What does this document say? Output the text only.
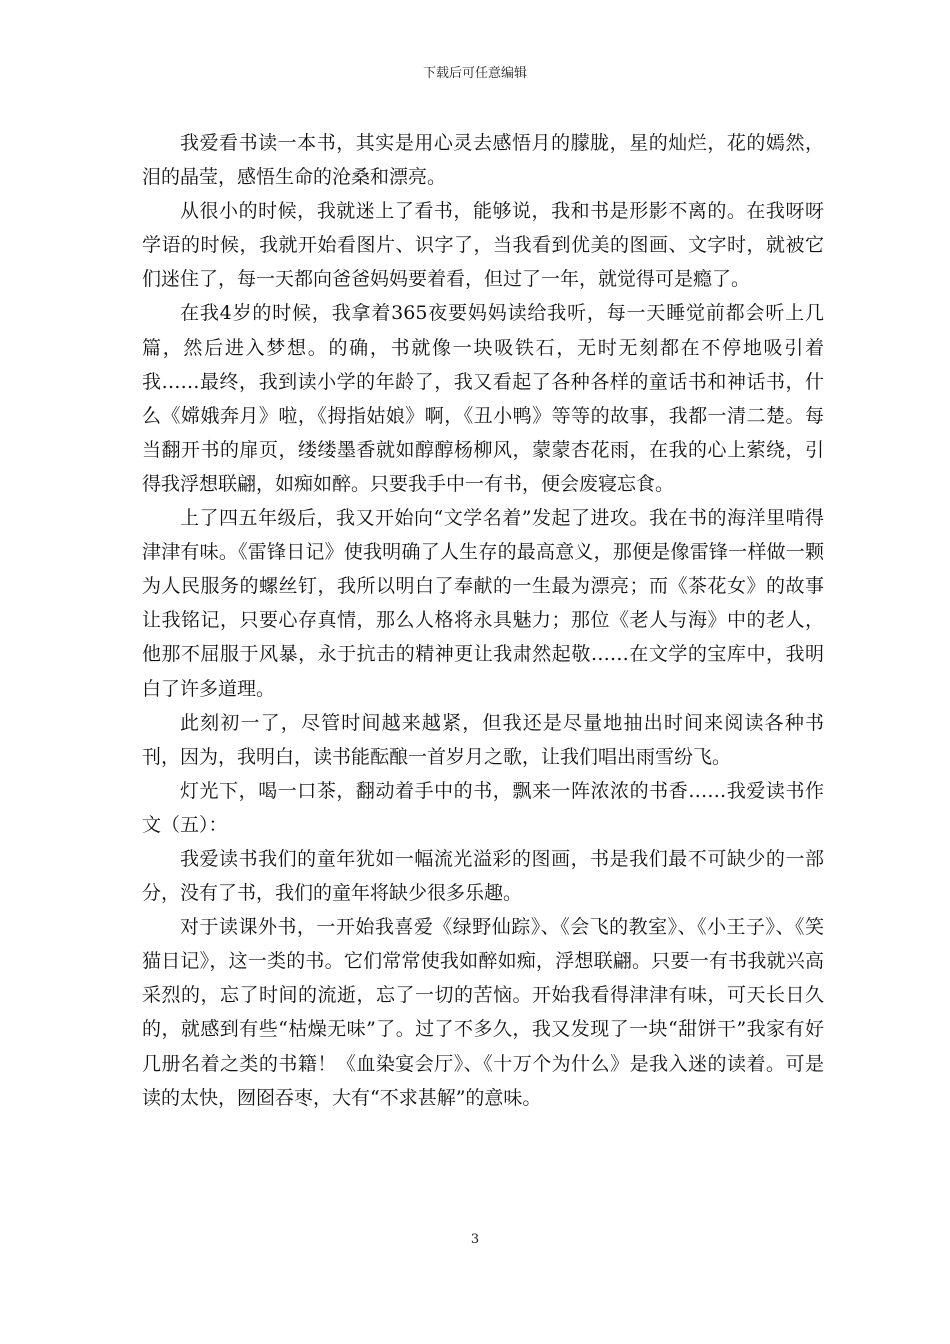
下载后可任意编辑

我爱看书读一本书，其实是用心灵去感悟月的朦胧，星的灿烂，花的嫣然，泪的晶莹，感悟生命的沧桑和漂亮。

从很小的时候，我就迷上了看书，能够说，我和书是形影不离的。在我呀呀学语的时候，我就开始看图片、识字了，当我看到优美的图画、文字时，就被它们迷住了，每一天都向爸爸妈妈要着看，但过了一年，就觉得可是瘾了。

在我4岁的时候，我拿着365夜要妈妈读给我听，每一天睡觉前都会听上几篇，然后进入梦想。的确，书就像一块吸铁石，无时无刻都在不停地吸引着我……最终，我到读小学的年龄了，我又看起了各种各样的童话书和神话书，什么《嫦娥奔月》啦，《拇指姑娘》啊，《丑小鸭》等等的故事，我都一清二楚。每当翻开书的扉页，缕缕墨香就如醇醇杨柳风，蒙蒙杏花雨，在我的心上萦绕，引得我浮想联翩，如痴如醉。只要我手中一有书，便会废寝忘食。

上了四五年级后，我又开始向“文学名着”发起了进攻。我在书的海洋里啃得津津有味。《雷锋日记》使我明确了人生存的最高意义，那便是像雷锋一样做一颗为人民服务的螺丝钉，我所以明白了奉献的一生最为漂亮；而《茶花女》的故事让我铭记，只要心存真情，那么人格将永具魅力；那位《老人与海》中的老人，他那不屈服于风暴，永于抗击的精神更让我肃然起敬……在文学的宝库中，我明白了许多道理。

此刻初一了，尽管时间越来越紧，但我还是尽量地抽出时间来阅读各种书刊，因为，我明白，读书能酝酿一首岁月之歌，让我们唱出雨雪纷飞。

灯光下，喝一口茶，翻动着手中的书，飘来一阵浓浓的书香……我爱读书作文（五）：

我爱读书我们的童年犹如一幅流光溢彩的图画，书是我们最不可缺少的一部分，没有了书，我们的童年将缺少很多乐趣。

对于读课外书，一开始我喜爱《绿野仙踪》、《会飞的教室》、《小王子》、《笑猫日记》，这一类的书。它们常常使我如醉如痴，浮想联翩。只要一有书我就兴高采烈的，忘了时间的流逝，忘了一切的苦恼。开始我看得津津有味，可天长日久的，就感到有些“枯燥无味”了。过了不多久，我又发现了一块“甜饼干”我家有好几册名着之类的书籍！《血染宴会厅》、《十万个为什么》是我入迷的读着。可是读的太快，囫囵吞枣，大有“不求甚解”的意味。

3
